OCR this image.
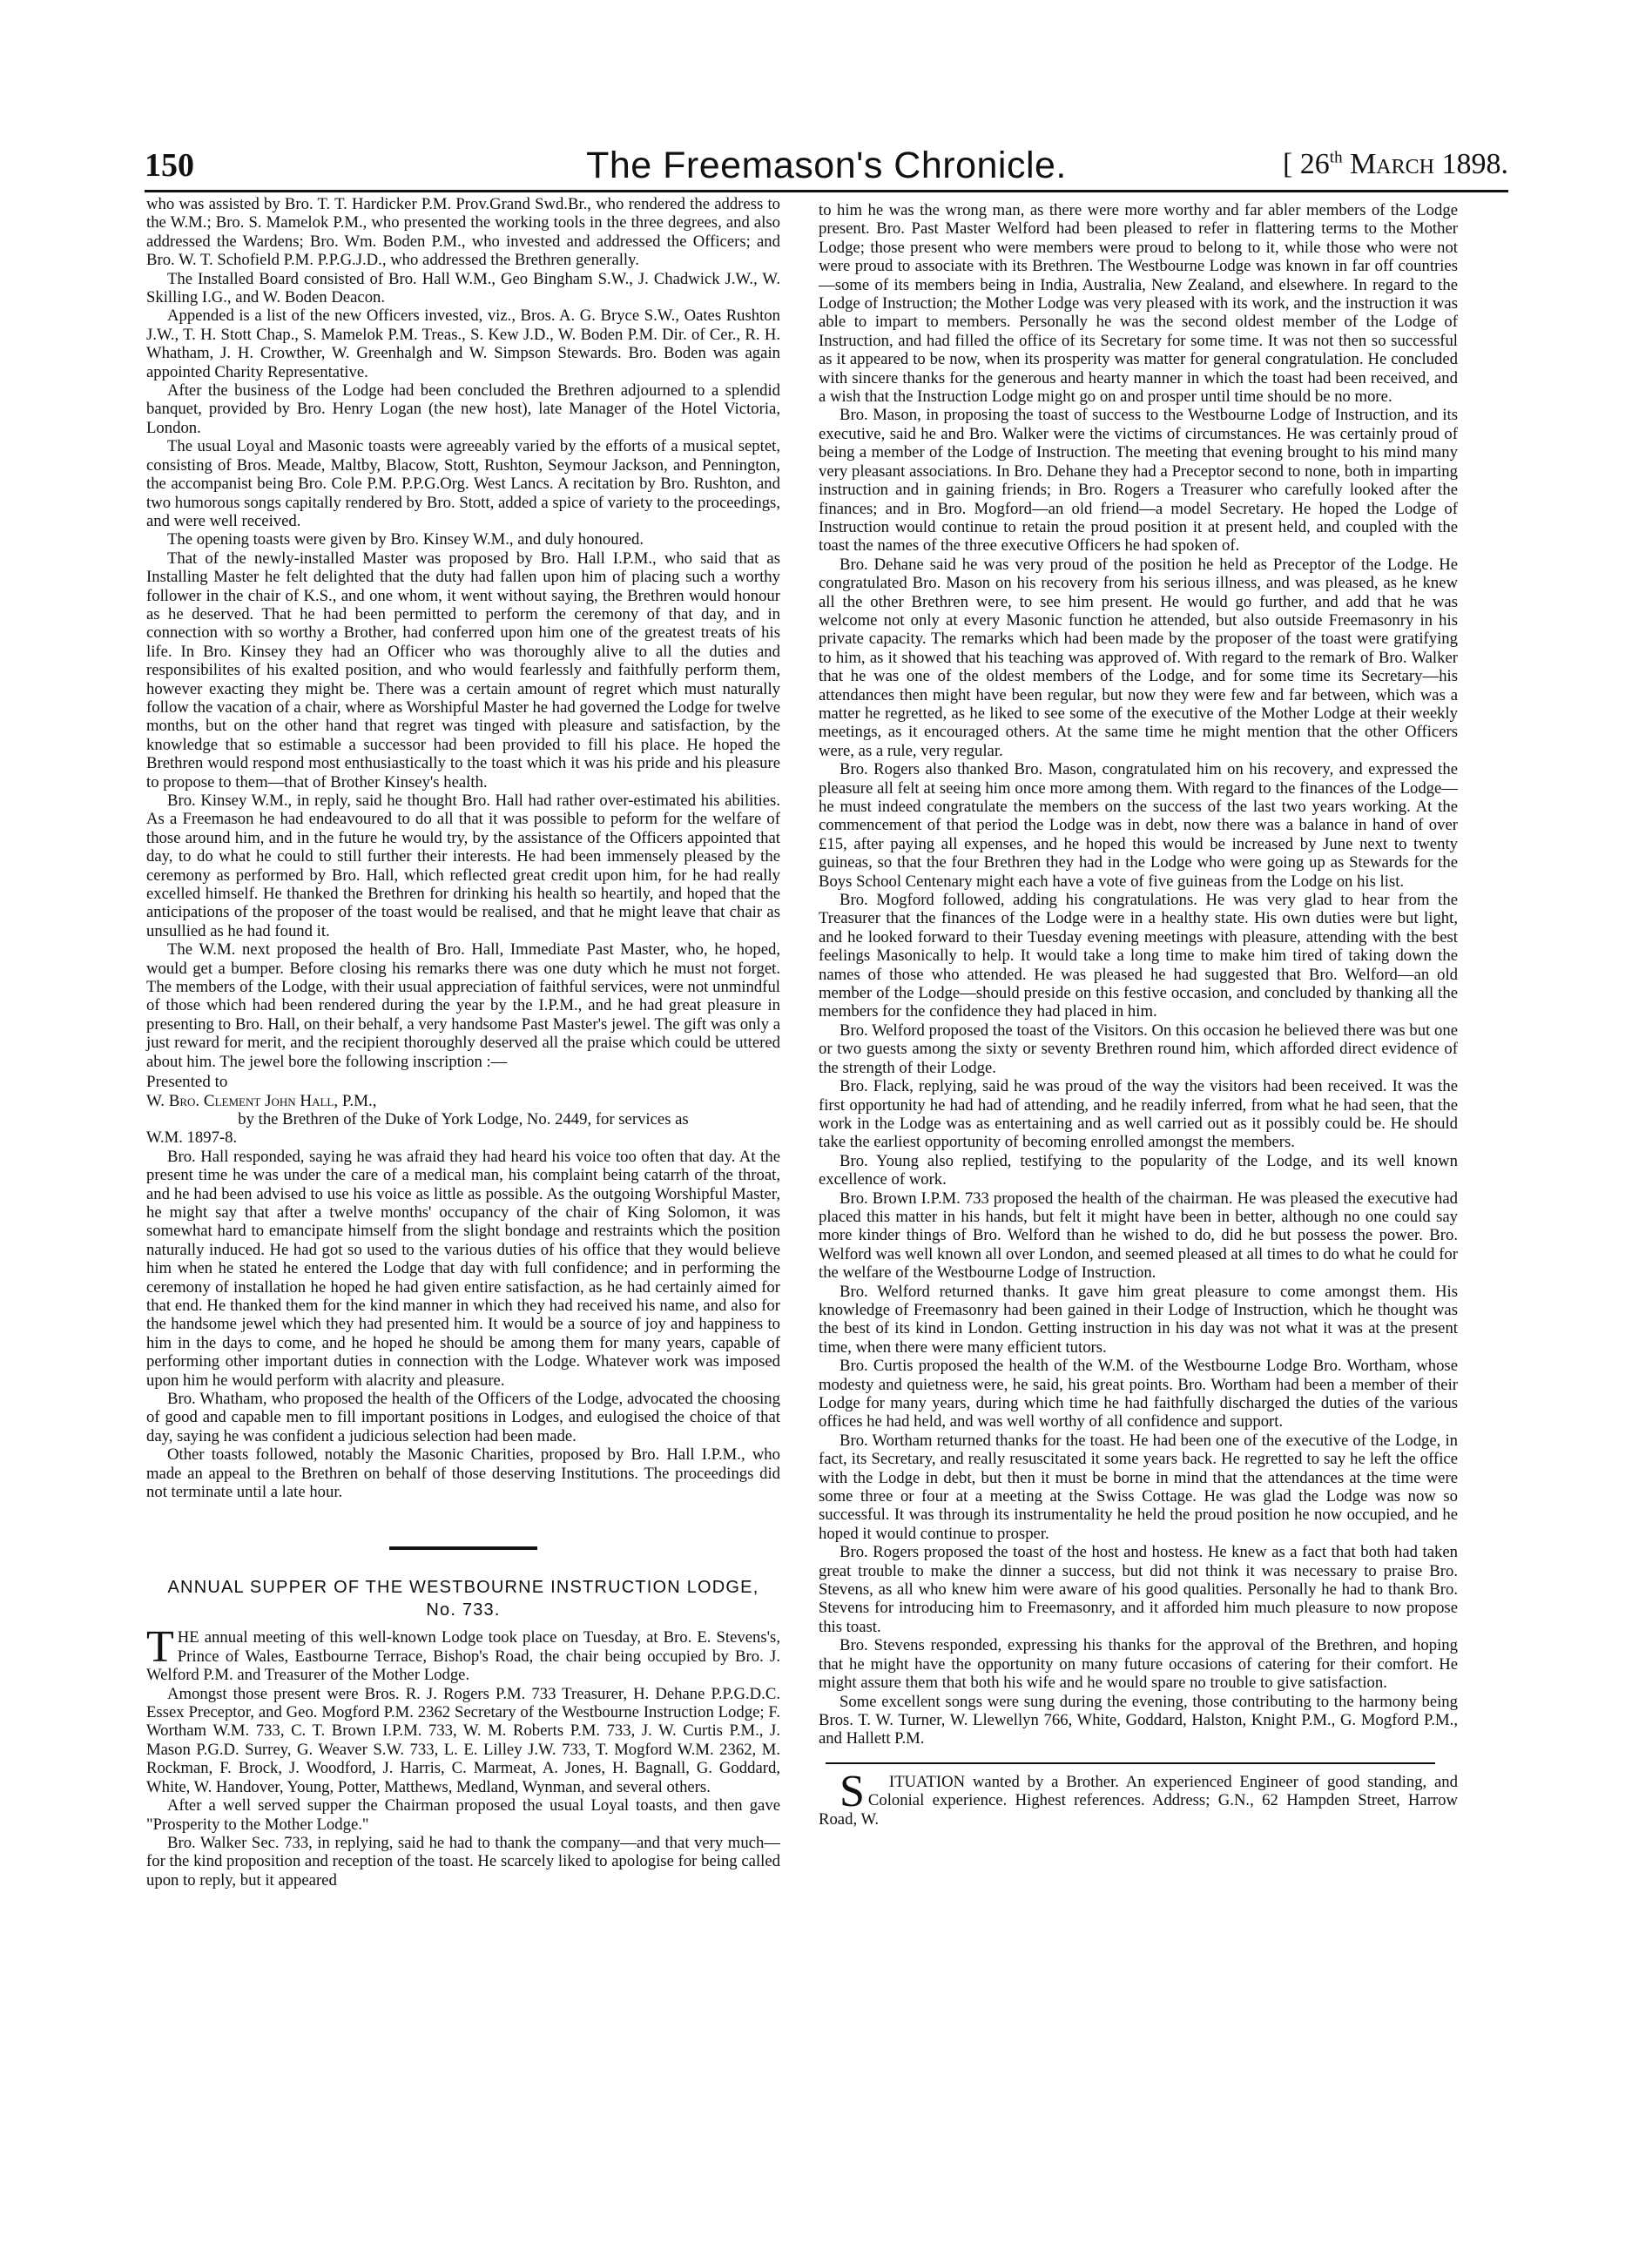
150	The Freemason's Chronicle.	[ 26th March 1898.

who was assisted by Bro. T. T. Hardicker P.M. Prov.Grand Swd.Br., who rendered the address to the W.M.; Bro. S. Mamelok P.M., who presented the working tools in the three degrees, and also addressed the Wardens; Bro. Wm. Boden P.M., who invested and addressed the Officers; and Bro. W. T. Schofield P.M. P.P.G.J.D., who addressed the Brethren generally.

The Installed Board consisted of Bro. Hall W.M., Geo Bingham S.W., J. Chadwick J.W., W. Skilling I.G., and W. Boden Deacon.

Appended is a list of the new Officers invested, viz., Bros. A. G. Bryce S.W., Oates Rushton J.W., T. H. Stott Chap., S. Mamelok P.M. Treas., S. Kew J.D., W. Boden P.M. Dir. of Cer., R. H. Whatham, J. H. Crowther, W. Greenhalgh and W. Simpson Stewards. Bro. Boden was again appointed Charity Representative.

After the business of the Lodge had been concluded the Brethren adjourned to a splendid banquet, provided by Bro. Henry Logan (the new host), late Manager of the Hotel Victoria, London.

The usual Loyal and Masonic toasts were agreeably varied by the efforts of a musical septet, consisting of Bros. Meade, Maltby, Blacow, Stott, Rushton, Seymour Jackson, and Pennington, the accompanist being Bro. Cole P.M. P.P.G.Org. West Lancs. A recitation by Bro. Rushton, and two humorous songs capitally rendered by Bro. Stott, added a spice of variety to the proceedings, and were well received.

The opening toasts were given by Bro. Kinsey W.M., and duly honoured.

That of the newly-installed Master was proposed by Bro. Hall I.P.M., who said that as Installing Master he felt delighted that the duty had fallen upon him of placing such a worthy follower in the chair of K.S., and one whom, it went without saying, the Brethren would honour as he deserved. That he had been permitted to perform the ceremony of that day, and in connection with so worthy a Brother, had conferred upon him one of the greatest treats of his life. In Bro. Kinsey they had an Officer who was thoroughly alive to all the duties and responsibilites of his exalted position, and who would fearlessly and faithfully perform them, however exacting they might be. There was a certain amount of regret which must naturally follow the vacation of a chair, where as Worshipful Master he had governed the Lodge for twelve months, but on the other hand that regret was tinged with pleasure and satisfaction, by the knowledge that so estimable a successor had been provided to fill his place. He hoped the Brethren would respond most enthusiastically to the toast which it was his pride and his pleasure to propose to them—that of Brother Kinsey's health.

Bro. Kinsey W.M., in reply, said he thought Bro. Hall had rather over-estimated his abilities. As a Freemason he had endeavoured to do all that it was possible to peform for the welfare of those around him, and in the future he would try, by the assistance of the Officers appointed that day, to do what he could to still further their interests. He had been immensely pleased by the ceremony as performed by Bro. Hall, which reflected great credit upon him, for he had really excelled himself. He thanked the Brethren for drinking his health so heartily, and hoped that the anticipations of the proposer of the toast would be realised, and that he might leave that chair as unsullied as he had found it.

The W.M. next proposed the health of Bro. Hall, Immediate Past Master, who, he hoped, would get a bumper. Before closing his remarks there was one duty which he must not forget. The members of the Lodge, with their usual appreciation of faithful services, were not unmindful of those which had been rendered during the year by the I.P.M., and he had great pleasure in presenting to Bro. Hall, on their behalf, a very handsome Past Master's jewel. The gift was only a just reward for merit, and the recipient thoroughly deserved all the praise which could be uttered about him. The jewel bore the following inscription :—

Presented to

W. Bro. Clement John Hall, P.M.,

by the Brethren of the Duke of York Lodge, No. 2449, for services as

W.M. 1897-8.

Bro. Hall responded, saying he was afraid they had heard his voice too often that day. At the present time he was under the care of a medical man, his complaint being catarrh of the throat, and he had been advised to use his voice as little as possible. As the outgoing Worshipful Master, he might say that after a twelve months' occupancy of the chair of King Solomon, it was somewhat hard to emancipate himself from the slight bondage and restraints which the position naturally induced. He had got so used to the various duties of his office that they would believe him when he stated he entered the Lodge that day with full confidence; and in performing the ceremony of installation he hoped he had given entire satisfaction, as he had certainly aimed for that end. He thanked them for the kind manner in which they had received his name, and also for the handsome jewel which they had presented him. It would be a source of joy and happiness to him in the days to come, and he hoped he should be among them for many years, capable of performing other important duties in connection with the Lodge. Whatever work was imposed upon him he would perform with alacrity and pleasure.

Bro. Whatham, who proposed the health of the Officers of the Lodge, advocated the choosing of good and capable men to fill important positions in Lodges, and eulogised the choice of that day, saying he was confident a judicious selection had been made.

Other toasts followed, notably the Masonic Charities, proposed by Bro. Hall I.P.M., who made an appeal to the Brethren on behalf of those deserving Institutions. The proceedings did not terminate until a late hour.

ANNUAL SUPPER OF THE WESTBOURNE INSTRUCTION LODGE,
No. 733.

THE annual meeting of this well-known Lodge took place on Tuesday, at Bro. E. Stevens's, Prince of Wales, Eastbourne Terrace, Bishop's Road, the chair being occupied by Bro. J. Welford P.M. and Treasurer of the Mother Lodge.

Amongst those present were Bros. R. J. Rogers P.M. 733 Treasurer, H. Dehane P.P.G.D.C. Essex Preceptor, and Geo. Mogford P.M. 2362 Secretary of the Westbourne Instruction Lodge; F. Wortham W.M. 733, C. T. Brown I.P.M. 733, W. M. Roberts P.M. 733, J. W. Curtis P.M., J. Mason P.G.D. Surrey, G. Weaver S.W. 733, L. E. Lilley J.W. 733, T. Mogford W.M. 2362, M. Rockman, F. Brock, J. Woodford, J. Harris, C. Marmeat, A. Jones, H. Bagnall, G. Goddard, White, W. Handover, Young, Potter, Matthews, Medland, Wynman, and several others.

After a well served supper the Chairman proposed the usual Loyal toasts, and then gave "Prosperity to the Mother Lodge."

Bro. Walker Sec. 733, in replying, said he had to thank the company—and that very much—for the kind proposition and reception of the toast. He scarcely liked to apologise for being called upon to reply, but it appeared

to him he was the wrong man, as there were more worthy and far abler members of the Lodge present. Bro. Past Master Welford had been pleased to refer in flattering terms to the Mother Lodge; those present who were members were proud to belong to it, while those who were not were proud to associate with its Brethren. The Westbourne Lodge was known in far off countries—some of its members being in India, Australia, New Zealand, and elsewhere. In regard to the Lodge of Instruction; the Mother Lodge was very pleased with its work, and the instruction it was able to impart to members. Personally he was the second oldest member of the Lodge of Instruction, and had filled the office of its Secretary for some time. It was not then so successful as it appeared to be now, when its prosperity was matter for general congratulation. He concluded with sincere thanks for the generous and hearty manner in which the toast had been received, and a wish that the Instruction Lodge might go on and prosper until time should be no more.

Bro. Mason, in proposing the toast of success to the Westbourne Lodge of Instruction, and its executive, said he and Bro. Walker were the victims of circumstances. He was certainly proud of being a member of the Lodge of Instruction. The meeting that evening brought to his mind many very pleasant associations. In Bro. Dehane they had a Preceptor second to none, both in imparting instruction and in gaining friends; in Bro. Rogers a Treasurer who carefully looked after the finances; and in Bro. Mogford—an old friend—a model Secretary. He hoped the Lodge of Instruction would continue to retain the proud position it at present held, and coupled with the toast the names of the three executive Officers he had spoken of.

Bro. Dehane said he was very proud of the position he held as Preceptor of the Lodge. He congratulated Bro. Mason on his recovery from his serious illness, and was pleased, as he knew all the other Brethren were, to see him present. He would go further, and add that he was welcome not only at every Masonic function he attended, but also outside Freemasonry in his private capacity. The remarks which had been made by the proposer of the toast were gratifying to him, as it showed that his teaching was approved of. With regard to the remark of Bro. Walker that he was one of the oldest members of the Lodge, and for some time its Secretary—his attendances then might have been regular, but now they were few and far between, which was a matter he regretted, as he liked to see some of the executive of the Mother Lodge at their weekly meetings, as it encouraged others. At the same time he might mention that the other Officers were, as a rule, very regular.

Bro. Rogers also thanked Bro. Mason, congratulated him on his recovery, and expressed the pleasure all felt at seeing him once more among them. With regard to the finances of the Lodge—he must indeed congratulate the members on the success of the last two years working. At the commencement of that period the Lodge was in debt, now there was a balance in hand of over £15, after paying all expenses, and he hoped this would be increased by June next to twenty guineas, so that the four Brethren they had in the Lodge who were going up as Stewards for the Boys School Centenary might each have a vote of five guineas from the Lodge on his list.

Bro. Mogford followed, adding his congratulations. He was very glad to hear from the Treasurer that the finances of the Lodge were in a healthy state. His own duties were but light, and he looked forward to their Tuesday evening meetings with pleasure, attending with the best feelings Masonically to help. It would take a long time to make him tired of taking down the names of those who attended. He was pleased he had suggested that Bro. Welford—an old member of the Lodge—should preside on this festive occasion, and concluded by thanking all the members for the confidence they had placed in him.

Bro. Welford proposed the toast of the Visitors. On this occasion he believed there was but one or two guests among the sixty or seventy Brethren round him, which afforded direct evidence of the strength of their Lodge.

Bro. Flack, replying, said he was proud of the way the visitors had been received. It was the first opportunity he had had of attending, and he readily inferred, from what he had seen, that the work in the Lodge was as entertaining and as well carried out as it possibly could be. He should take the earliest opportunity of becoming enrolled amongst the members.

Bro. Young also replied, testifying to the popularity of the Lodge, and its well known excellence of work.

Bro. Brown I.P.M. 733 proposed the health of the chairman. He was pleased the executive had placed this matter in his hands, but felt it might have been in better, although no one could say more kinder things of Bro. Welford than he wished to do, did he but possess the power. Bro. Welford was well known all over London, and seemed pleased at all times to do what he could for the welfare of the Westbourne Lodge of Instruction.

Bro. Welford returned thanks. It gave him great pleasure to come amongst them. His knowledge of Freemasonry had been gained in their Lodge of Instruction, which he thought was the best of its kind in London. Getting instruction in his day was not what it was at the present time, when there were many efficient tutors.

Bro. Curtis proposed the health of the W.M. of the Westbourne Lodge Bro. Wortham, whose modesty and quietness were, he said, his great points. Bro. Wortham had been a member of their Lodge for many years, during which time he had faithfully discharged the duties of the various offices he had held, and was well worthy of all confidence and support.

Bro. Wortham returned thanks for the toast. He had been one of the executive of the Lodge, in fact, its Secretary, and really resuscitated it some years back. He regretted to say he left the office with the Lodge in debt, but then it must be borne in mind that the attendances at the time were some three or four at a meeting at the Swiss Cottage. He was glad the Lodge was now so successful. It was through its instrumentality he held the proud position he now occupied, and he hoped it would continue to prosper.

Bro. Rogers proposed the toast of the host and hostess. He knew as a fact that both had taken great trouble to make the dinner a success, but did not think it was necessary to praise Bro. Stevens, as all who knew him were aware of his good qualities. Personally he had to thank Bro. Stevens for introducing him to Freemasonry, and it afforded him much pleasure to now propose this toast.

Bro. Stevens responded, expressing his thanks for the approval of the Brethren, and hoping that he might have the opportunity on many future occasions of catering for their comfort. He might assure them that both his wife and he would spare no trouble to give satisfaction.

Some excellent songs were sung during the evening, those contributing to the harmony being Bros. T. W. Turner, W. Llewellyn 766, White, Goddard, Halston, Knight P.M., G. Mogford P.M., and Hallett P.M.

S ITUATION wanted by a Brother. An experienced Engineer of good standing, and Colonial experience. Highest references. Address; G.N., 62 Hampden Street, Harrow Road, W.
